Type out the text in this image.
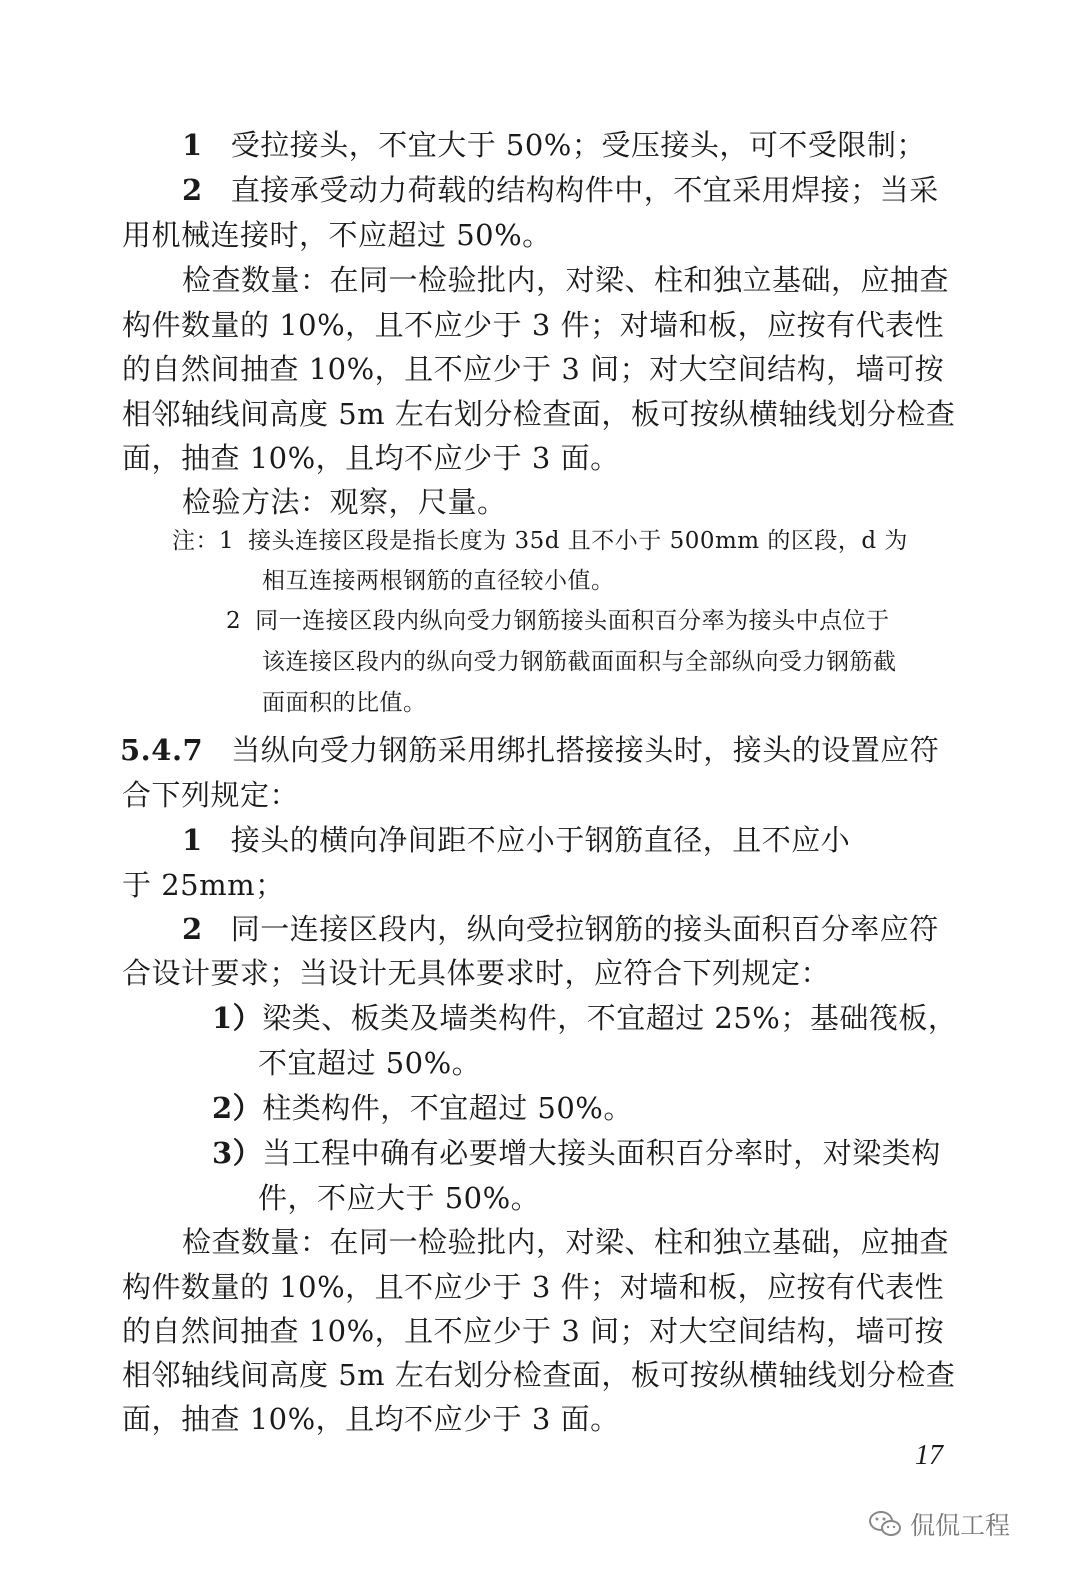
1 受拉接头，不宜大于 50%；受压接头，可不受限制；
2 直接承受动力荷载的结构构件中，不宜采用焊接；当采
用机械连接时，不应超过 50%。
检查数量：在同一检验批内，对梁、柱和独立基础，应抽查
构件数量的 10%，且不应少于 3 件；对墙和板，应按有代表性
的自然间抽查 10%，且不应少于 3 间；对大空间结构，墙可按
相邻轴线间高度 5m 左右划分检查面，板可按纵横轴线划分检查
面，抽查 10%，且均不应少于 3 面。
检验方法：观察，尺量。
注：1 接头连接区段是指长度为 35d 且不小于 500mm 的区段，d 为
相互连接两根钢筋的直径较小值。
2 同一连接区段内纵向受力钢筋接头面积百分率为接头中点位于
该连接区段内的纵向受力钢筋截面面积与全部纵向受力钢筋截
面面积的比值。
5.4.7 当纵向受力钢筋采用绑扎搭接接头时，接头的设置应符
合下列规定：
1 接头的横向净间距不应小于钢筋直径，且不应小
于 25mm；
2 同一连接区段内，纵向受拉钢筋的接头面积百分率应符
合设计要求；当设计无具体要求时，应符合下列规定：
1）梁类、板类及墙类构件，不宜超过 25%；基础筏板，
不宜超过 50%。
2）柱类构件，不宜超过 50%。
3）当工程中确有必要增大接头面积百分率时，对梁类构
件，不应大于 50%。
检查数量：在同一检验批内，对梁、柱和独立基础，应抽查
构件数量的 10%，且不应少于 3 件；对墙和板，应按有代表性
的自然间抽查 10%，且不应少于 3 间；对大空间结构，墙可按
相邻轴线间高度 5m 左右划分检查面，板可按纵横轴线划分检查
面，抽查 10%，且均不应少于 3 面。
17
侃侃工程
